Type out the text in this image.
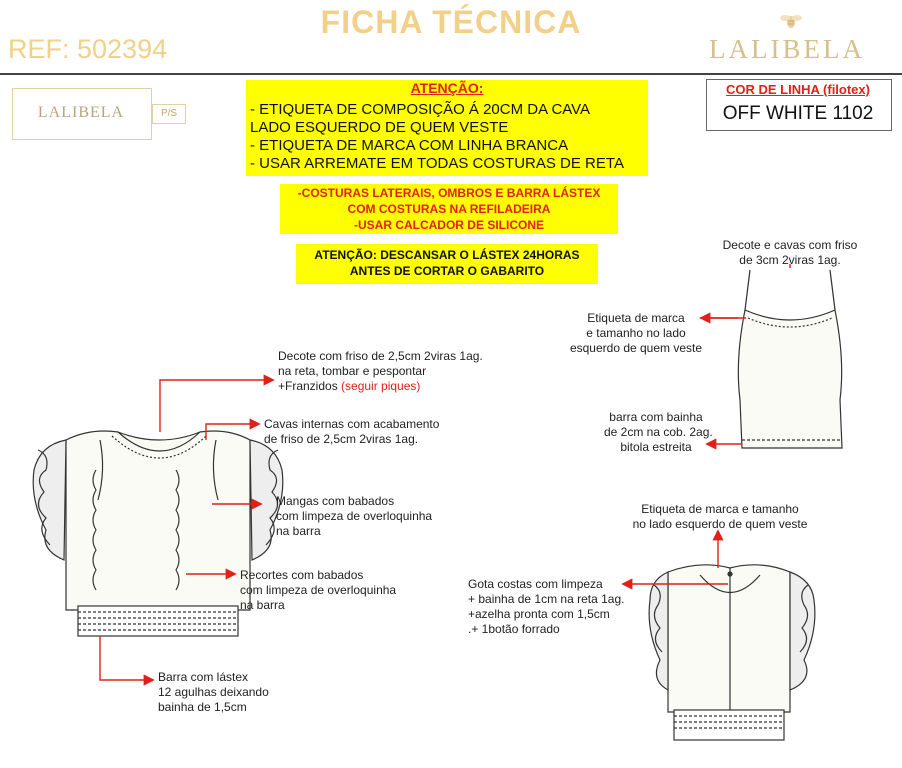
FICHA TÉCNICA
REF: 502394	LALIBELA
LALIBELA	P/S
ATENÇÃO:
- ETIQUETA DE COMPOSIÇÃO Á 20CM DA CAVA
LADO ESQUERDO DE QUEM VESTE
- ETIQUETA DE MARCA COM LINHA BRANCA
- USAR ARREMATE EM TODAS COSTURAS DE RETA
COR DE LINHA (filotex)
OFF WHITE 1102
-COSTURAS LATERAIS, OMBROS E BARRA LÁSTEX
COM COSTURAS NA REFILADEIRA
-USAR CALCADOR DE SILICONE
ATENÇÃO: DESCANSAR O LÁSTEX 24HORAS
ANTES DE CORTAR O GABARITO
Decote com friso de 2,5cm 2viras 1ag.
na reta, tombar e pespontar
+Franzidos (seguir piques)
Cavas internas com acabamento
de friso de 2,5cm 2viras 1ag.
Mangas com babados
com limpeza de overloquinha
na barra
Recortes com babados
com limpeza de overloquinha
na barra
Barra com lástex
12 agulhas deixando
bainha de 1,5cm
Decote e cavas com friso
de 3cm 2viras 1ag.
Etiqueta de marca
e tamanho no lado
esquerdo de quem veste
barra com bainha
de 2cm na cob. 2ag.
bitola estreita
Etiqueta de marca e tamanho
no lado esquerdo de quem veste
Gota costas com limpeza
+ bainha de 1cm na reta 1ag.
+azelha pronta com 1,5cm
.+ 1botão forrado
